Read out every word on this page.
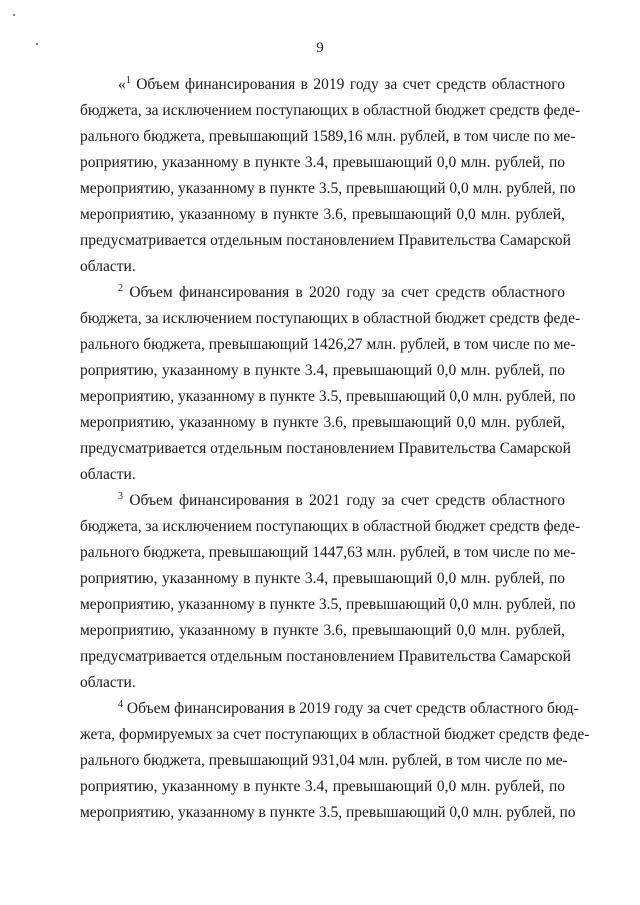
9
«$^1$ Объем финансирования в 2019 году за счет средств областного
бюджета, за исключением поступающих в областной бюджет средств феде-
рального бюджета, превышающий 1589,16 млн. рублей, в том числе по ме-
роприятию, указанному в пункте 3.4, превышающий 0,0 млн. рублей, по
мероприятию, указанному в пункте 3.5, превышающий 0,0 млн. рублей, по
мероприятию, указанному в пункте 3.6, превышающий 0,0 млн. рублей,
предусматривается отдельным постановлением Правительства Самарской
области.
$^2$ Объем финансирования в 2020 году за счет средств областного
бюджета, за исключением поступающих в областной бюджет средств феде-
рального бюджета, превышающий 1426,27 млн. рублей, в том числе по ме-
роприятию, указанному в пункте 3.4, превышающий 0,0 млн. рублей, по
мероприятию, указанному в пункте 3.5, превышающий 0,0 млн. рублей, по
мероприятию, указанному в пункте 3.6, превышающий 0,0 млн. рублей,
предусматривается отдельным постановлением Правительства Самарской
области.
$^3$ Объем финансирования в 2021 году за счет средств областного
бюджета, за исключением поступающих в областной бюджет средств феде-
рального бюджета, превышающий 1447,63 млн. рублей, в том числе по ме-
роприятию, указанному в пункте 3.4, превышающий 0,0 млн. рублей, по
мероприятию, указанному в пункте 3.5, превышающий 0,0 млн. рублей, по
мероприятию, указанному в пункте 3.6, превышающий 0,0 млн. рублей,
предусматривается отдельным постановлением Правительства Самарской
области.
$^4$ Объем финансирования в 2019 году за счет средств областного бюд-
жета, формируемых за счет поступающих в областной бюджет средств феде-
рального бюджета, превышающий 931,04 млн. рублей, в том числе по ме-
роприятию, указанному в пункте 3.4, превышающий 0,0 млн. рублей, по
мероприятию, указанному в пункте 3.5, превышающий 0,0 млн. рублей, по
